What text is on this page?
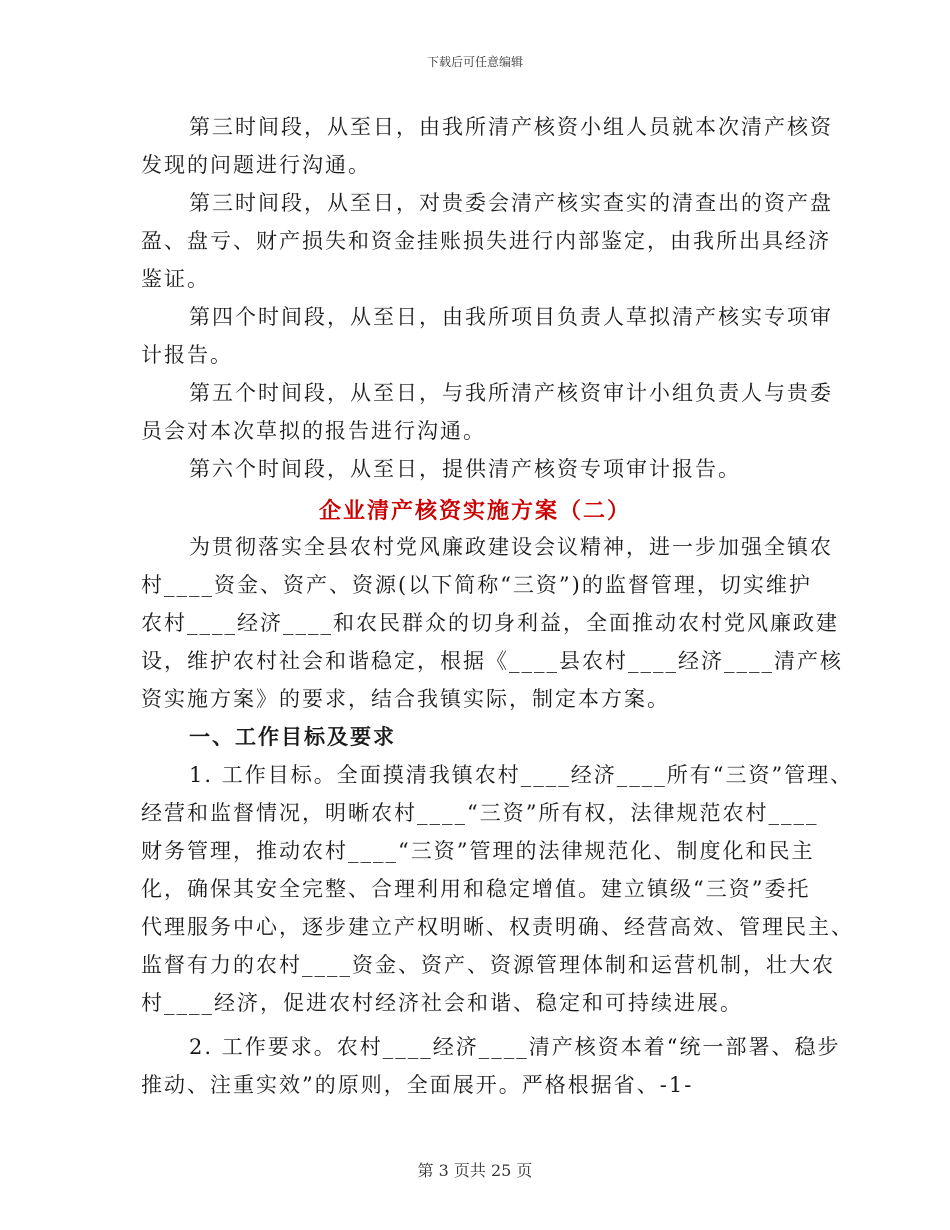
下载后可任意编辑
第三时间段，从至日，由我所清产核资小组人员就本次清产核资
发现的问题进行沟通。
第三时间段，从至日，对贵委会清产核实查实的清查出的资产盘
盈、盘亏、财产损失和资金挂账损失进行内部鉴定，由我所出具经济
鉴证。
第四个时间段，从至日，由我所项目负责人草拟清产核实专项审
计报告。
第五个时间段，从至日，与我所清产核资审计小组负责人与贵委
员会对本次草拟的报告进行沟通。
第六个时间段，从至日，提供清产核资专项审计报告。
企业清产核资实施方案（二）
为贯彻落实全县农村党风廉政建设会议精神，进一步加强全镇农
村____资金、资产、资源(以下简称“三资”)的监督管理，切实维护
农村____经济____和农民群众的切身利益，全面推动农村党风廉政建
设，维护农村社会和谐稳定，根据《____县农村____经济____清产核
资实施方案》的要求，结合我镇实际，制定本方案。
一、工作目标及要求
1. 工作目标。全面摸清我镇农村____经济____所有“三资”管理、
经营和监督情况，明晰农村____“三资”所有权，法律规范农村____
财务管理，推动农村____“三资”管理的法律规范化、制度化和民主
化，确保其安全完整、合理利用和稳定增值。建立镇级“三资”委托
代理服务中心，逐步建立产权明晰、权责明确、经营高效、管理民主、
监督有力的农村____资金、资产、资源管理体制和运营机制，壮大农
村____经济，促进农村经济社会和谐、稳定和可持续进展。
2. 工作要求。农村____经济____清产核资本着“统一部署、稳步
推动、注重实效”的原则，全面展开。严格根据省、-1-
第 3 页共 25 页
